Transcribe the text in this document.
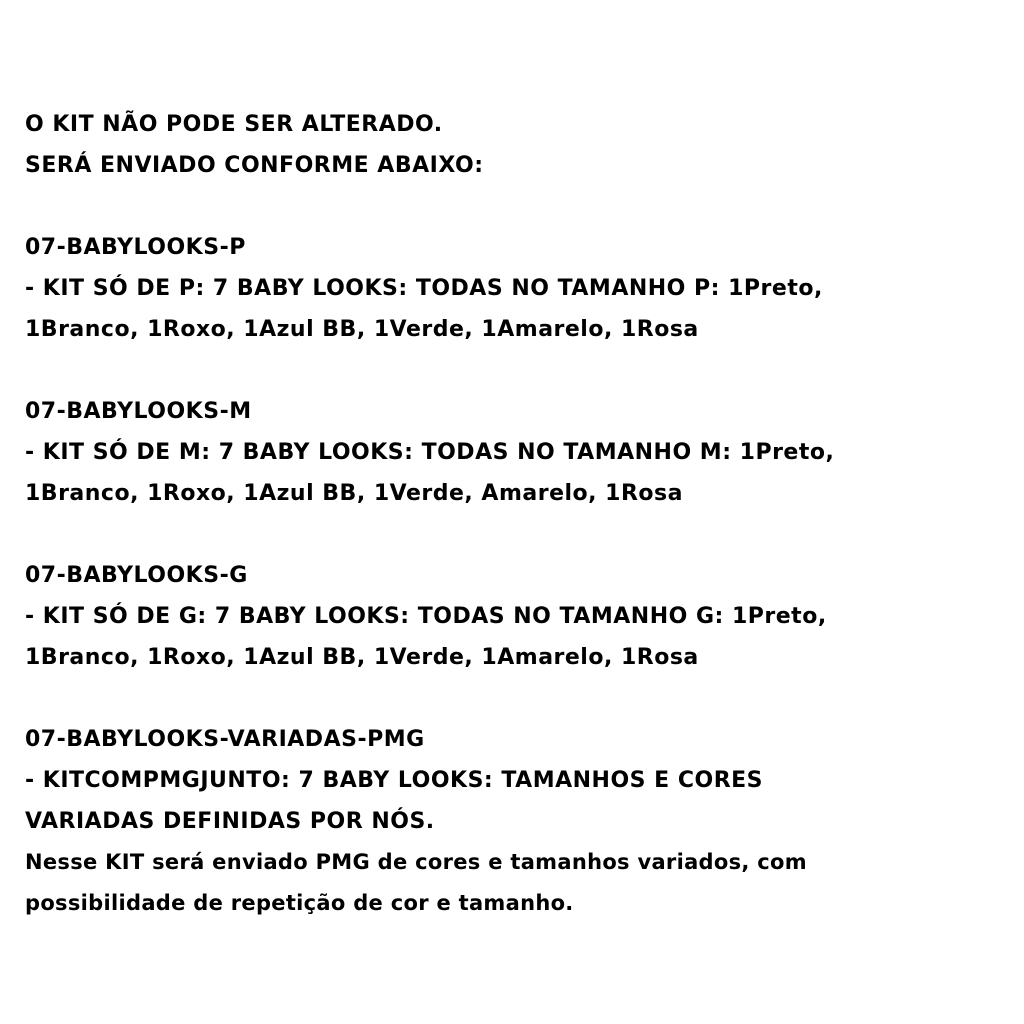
O KIT NÃO PODE SER ALTERADO.
SERÁ ENVIADO CONFORME ABAIXO:
07-BABYLOOKS-P
- KIT SÓ DE P: 7 BABY LOOKS: TODAS NO TAMANHO P: 1Preto,
1Branco, 1Roxo, 1Azul BB, 1Verde, 1Amarelo, 1Rosa
07-BABYLOOKS-M
- KIT SÓ DE M: 7 BABY LOOKS: TODAS NO TAMANHO M: 1Preto,
1Branco, 1Roxo, 1Azul BB, 1Verde, Amarelo, 1Rosa
07-BABYLOOKS-G
- KIT SÓ DE G: 7 BABY LOOKS: TODAS NO TAMANHO G: 1Preto,
1Branco, 1Roxo, 1Azul BB, 1Verde, 1Amarelo, 1Rosa
07-BABYLOOKS-VARIADAS-PMG
- KITCOMPMGJUNTO: 7 BABY LOOKS: TAMANHOS E CORES
VARIADAS DEFINIDAS POR NÓS.
Nesse KIT será enviado PMG de cores e tamanhos variados, com
possibilidade de repetição de cor e tamanho.
